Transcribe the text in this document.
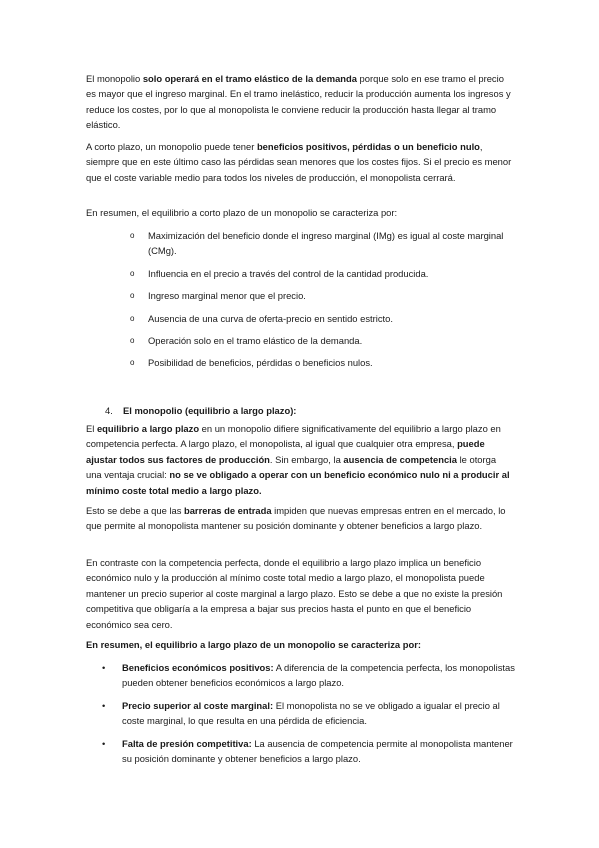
El monopolio solo operará en el tramo elástico de la demanda porque solo en ese tramo el precio es mayor que el ingreso marginal. En el tramo inelástico, reducir la producción aumenta los ingresos y reduce los costes, por lo que al monopolista le conviene reducir la producción hasta llegar al tramo elástico.

A corto plazo, un monopolio puede tener beneficios positivos, pérdidas o un beneficio nulo, siempre que en este último caso las pérdidas sean menores que los costes fijos. Si el precio es menor que el coste variable medio para todos los niveles de producción, el monopolista cerrará.

En resumen, el equilibrio a corto plazo de un monopolio se caracteriza por:

o Maximización del beneficio donde el ingreso marginal (IMg) es igual al coste marginal (CMg).
o Influencia en el precio a través del control de la cantidad producida.
o Ingreso marginal menor que el precio.
o Ausencia de una curva de oferta-precio en sentido estricto.
o Operación solo en el tramo elástico de la demanda.
o Posibilidad de beneficios, pérdidas o beneficios nulos.

4. El monopolio (equilibrio a largo plazo):

El equilibrio a largo plazo en un monopolio difiere significativamente del equilibrio a largo plazo en competencia perfecta. A largo plazo, el monopolista, al igual que cualquier otra empresa, puede ajustar todos sus factores de producción. Sin embargo, la ausencia de competencia le otorga una ventaja crucial: no se ve obligado a operar con un beneficio económico nulo ni a producir al mínimo coste total medio a largo plazo.

Esto se debe a que las barreras de entrada impiden que nuevas empresas entren en el mercado, lo que permite al monopolista mantener su posición dominante y obtener beneficios a largo plazo.

En contraste con la competencia perfecta, donde el equilibrio a largo plazo implica un beneficio económico nulo y la producción al mínimo coste total medio a largo plazo, el monopolista puede mantener un precio superior al coste marginal a largo plazo. Esto se debe a que no existe la presión competitiva que obligaría a la empresa a bajar sus precios hasta el punto en que el beneficio económico sea cero.

En resumen, el equilibrio a largo plazo de un monopolio se caracteriza por:

• Beneficios económicos positivos: A diferencia de la competencia perfecta, los monopolistas pueden obtener beneficios económicos a largo plazo.
• Precio superior al coste marginal: El monopolista no se ve obligado a igualar el precio al coste marginal, lo que resulta en una pérdida de eficiencia.
• Falta de presión competitiva: La ausencia de competencia permite al monopolista mantener su posición dominante y obtener beneficios a largo plazo.
